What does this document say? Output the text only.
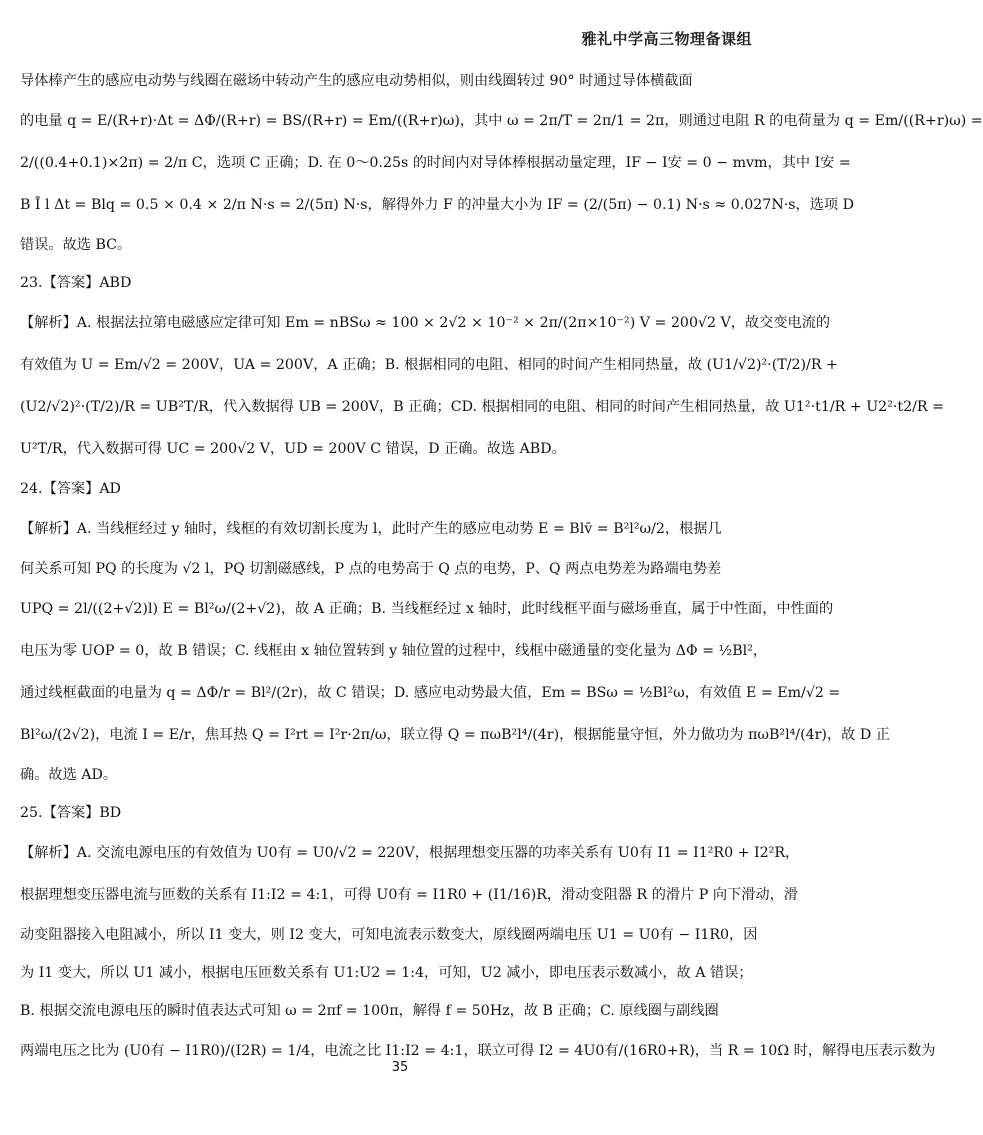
雅礼中学高三物理备课组
导体棒产生的感应电动势与线圈在磁场中转动产生的感应电动势相似，则由线圈转过 90° 时通过导体横截面
的电量 q = E/(R+r)·Δt = ΔΦ/(R+r) = BS/(R+r) = Em/((R+r)ω)，其中 ω = 2π/T = 2π/1 = 2π，则通过电阻 R 的电荷量为 q = Em/((R+r)ω) =
2/((0.4+0.1)×2π) = 2/π C，选项 C 正确；D. 在 0～0.25s 的时间内对导体棒根据动量定理，IF − I安 = 0 − mvm，其中 I安 =
B Ī l Δt = Blq = 0.5 × 0.4 × 2/π N·s = 2/(5π) N·s，解得外力 F 的冲量大小为 IF = (2/(5π) − 0.1) N·s ≈ 0.027N·s，选项 D
错误。故选 BC。
23.【答案】ABD
【解析】A. 根据法拉第电磁感应定律可知 Em = nBSω ≈ 100 × 2√2 × 10⁻² × 2π/(2π×10⁻²) V = 200√2 V，故交变电流的
有效值为 U = Em/√2 = 200V，UA = 200V，A 正确；B. 根据相同的电阻、相同的时间产生相同热量，故 (U1/√2)²·(T/2)/R +
(U2/√2)²·(T/2)/R = UB²T/R，代入数据得 UB = 200V，B 正确；CD. 根据相同的电阻、相同的时间产生相同热量，故 U1²·t1/R + U2²·t2/R =
U²T/R，代入数据可得 UC = 200√2 V，UD = 200V C 错误，D 正确。故选 ABD。
24.【答案】AD
【解析】A. 当线框经过 y 轴时，线框的有效切割长度为 l，此时产生的感应电动势 E = Blv̄ = B²l²ω/2，根据几
何关系可知 PQ 的长度为 √2 l，PQ 切割磁感线，P 点的电势高于 Q 点的电势，P、Q 两点电势差为路端电势差
UPQ = 2l/((2+√2)l) E = Bl²ω/(2+√2)，故 A 正确；B. 当线框经过 x 轴时，此时线框平面与磁场垂直，属于中性面，中性面的
电压为零 UOP = 0，故 B 错误；C. 线框由 x 轴位置转到 y 轴位置的过程中，线框中磁通量的变化量为 ΔΦ = ½Bl²，
通过线框截面的电量为 q = ΔΦ/r = Bl²/(2r)，故 C 错误；D. 感应电动势最大值，Em = BSω = ½Bl²ω，有效值 E = Em/√2 =
Bl²ω/(2√2)，电流 I = E/r，焦耳热 Q = I²rt = I²r·2π/ω，联立得 Q = πωB²l⁴/(4r)，根据能量守恒，外力做功为 πωB²l⁴/(4r)，故 D 正
确。故选 AD。
25.【答案】BD
【解析】A. 交流电源电压的有效值为 U0有 = U0/√2 = 220V，根据理想变压器的功率关系有 U0有 I1 = I1²R0 + I2²R，
根据理想变压器电流与匝数的关系有 I1:I2 = 4:1，可得 U0有 = I1R0 + (I1/16)R，滑动变阻器 R 的滑片 P 向下滑动，滑
动变阻器接入电阻减小，所以 I1 变大，则 I2 变大，可知电流表示数变大，原线圈两端电压 U1 = U0有 − I1R0，因
为 I1 变大，所以 U1 减小，根据电压匝数关系有 U1:U2 = 1:4，可知，U2 减小，即电压表示数减小，故 A 错误；
B. 根据交流电源电压的瞬时值表达式可知 ω = 2πf = 100π，解得 f = 50Hz，故 B 正确；C. 原线圈与副线圈
两端电压之比为 (U0有 − I1R0)/(I2R) = 1/4，电流之比 I1:I2 = 4:1，联立可得 I2 = 4U0有/(16R0+R)，当 R = 10Ω 时，解得电压表示数为
35
